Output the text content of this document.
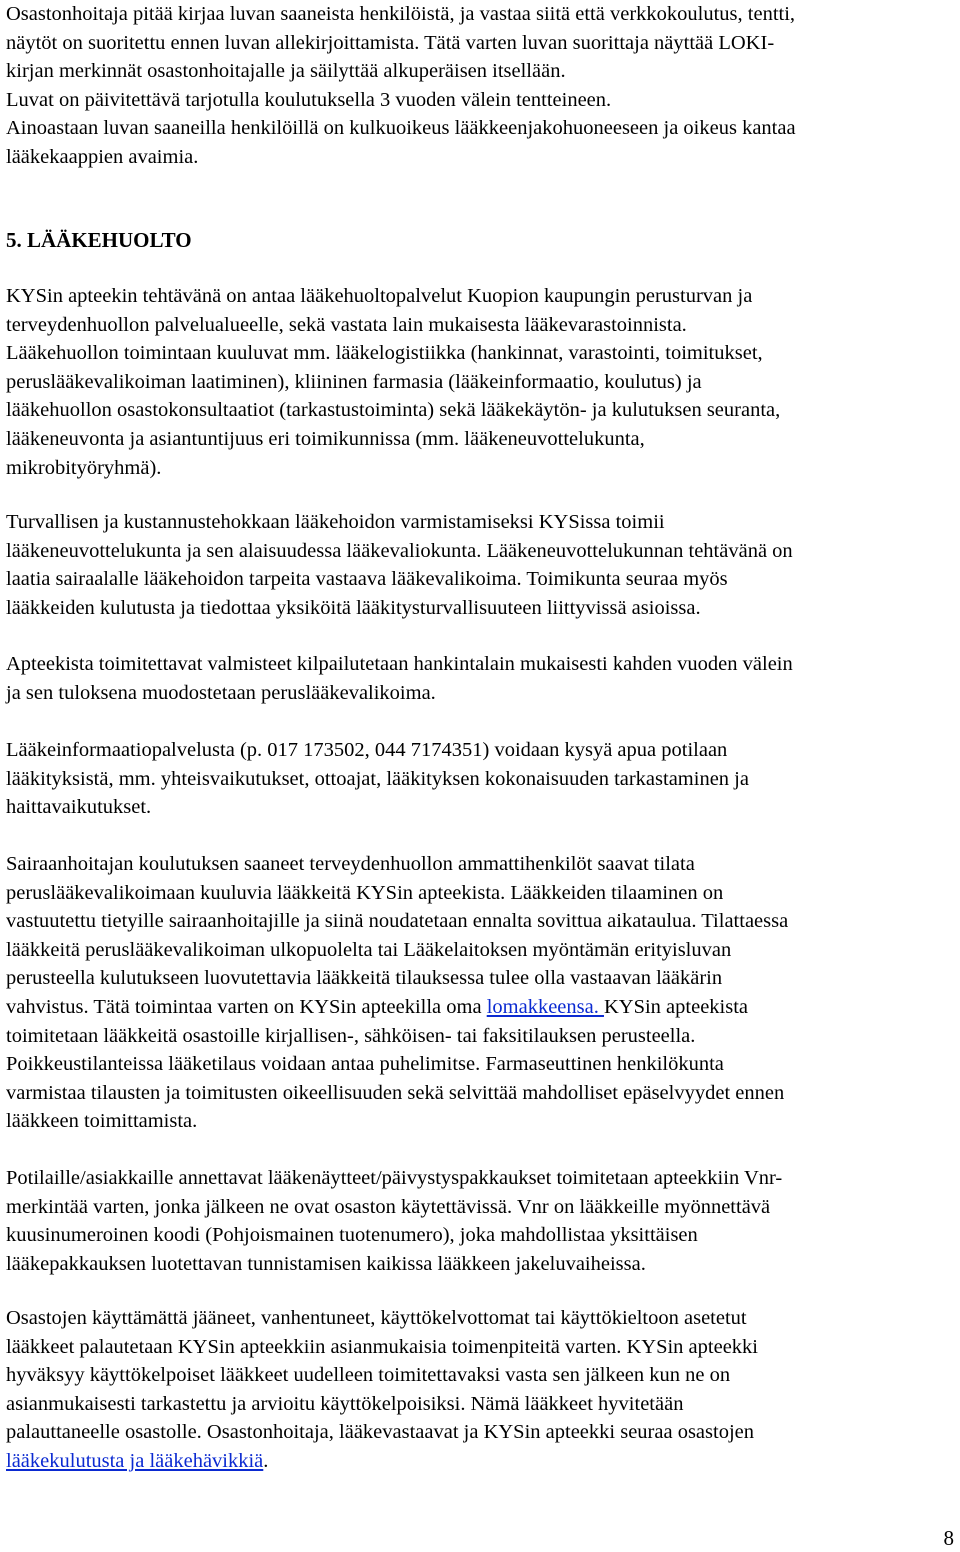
Osastonhoitaja pitää kirjaa luvan saaneista henkilöistä, ja vastaa siitä että verkkokoulutus, tentti,
näytöt on suoritettu ennen luvan allekirjoittamista. Tätä varten luvan suorittaja näyttää LOKI-
kirjan merkinnät osastonhoitajalle ja säilyttää alkuperäisen itsellään.
Luvat on päivitettävä tarjotulla koulutuksella 3 vuoden välein tentteineen.
Ainoastaan luvan saaneilla henkilöillä on kulkuoikeus lääkkeenjakohuoneeseen ja oikeus kantaa
lääkekaappien avaimia.

5. LÄÄKEHUOLTO

KYSin apteekin tehtävänä on antaa lääkehuoltopalvelut Kuopion kaupungin perusturvan ja
terveydenhuollon palvelualueelle, sekä vastata lain mukaisesta lääkevarastoinnista.
Lääkehuollon toimintaan kuuluvat mm. lääkelogistiikka (hankinnat, varastointi, toimitukset,
peruslääkevalikoiman laatiminen), kliininen farmasia (lääkeinformaatio, koulutus) ja
lääkehuollon osastokonsultaatiot (tarkastustoiminta) sekä lääkekäytön- ja kulutuksen seuranta,
lääkeneuvonta ja asiantuntijuus eri toimikunnissa (mm. lääkeneuvottelukunta,
mikrobityöryhmä).

Turvallisen ja kustannustehokkaan lääkehoidon varmistamiseksi KYSissa toimii
lääkeneuvottelukunta ja sen alaisuudessa lääkevaliokunta. Lääkeneuvottelukunnan tehtävänä on
laatia sairaalalle lääkehoidon tarpeita vastaava lääkevalikoima. Toimikunta seuraa myös
lääkkeiden kulutusta ja tiedottaa yksiköitä lääkitysturvallisuuteen liittyvissä asioissa.

Apteekista toimitettavat valmisteet kilpailutetaan hankintalain mukaisesti kahden vuoden välein
ja sen tuloksena muodostetaan peruslääkevalikoima.

Lääkeinformaatiopalvelusta (p. 017 173502, 044 7174351) voidaan kysyä apua potilaan
lääkityksistä, mm. yhteisvaikutukset, ottoajat, lääkityksen kokonaisuuden tarkastaminen ja
haittavaikutukset.

Sairaanhoitajan koulutuksen saaneet terveydenhuollon ammattihenkilöt saavat tilata
peruslääkevalikoimaan kuuluvia lääkkeitä KYSin apteekista. Lääkkeiden tilaaminen on
vastuutettu tietyille sairaanhoitajille ja siinä noudatetaan ennalta sovittua aikataulua. Tilattaessa
lääkkeitä peruslääkevalikoiman ulkopuolelta tai Lääkelaitoksen myöntämän erityisluvan
perusteella kulutukseen luovutettavia lääkkeitä tilauksessa tulee olla vastaavan lääkärin
vahvistus. Tätä toimintaa varten on KYSin apteekilla oma lomakkeensa. KYSin apteekista
toimitetaan lääkkeitä osastoille kirjallisen-, sähköisen- tai faksitilauksen perusteella.
Poikkeustilanteissa lääketilaus voidaan antaa puhelimitse. Farmaseuttinen henkilökunta
varmistaa tilausten ja toimitusten oikeellisuuden sekä selvittää mahdolliset epäselvyydet ennen
lääkkeen toimittamista.

Potilaille/asiakkaille annettavat lääkenäytteet/päivystyspakkaukset toimitetaan apteekkiin Vnr-
merkintää varten, jonka jälkeen ne ovat osaston käytettävissä. Vnr on lääkkeille myönnettävä
kuusinumeroinen koodi (Pohjoismainen tuotenumero), joka mahdollistaa yksittäisen
lääkepakkauksen luotettavan tunnistamisen kaikissa lääkkeen jakeluvaiheissa.

Osastojen käyttämättä jääneet, vanhentuneet, käyttökelvottomat tai käyttökieltoon asetetut
lääkkeet palautetaan KYSin apteekkiin asianmukaisia toimenpiteitä varten. KYSin apteekki
hyväksyy käyttökelpoiset lääkkeet uudelleen toimitettavaksi vasta sen jälkeen kun ne on
asianmukaisesti tarkastettu ja arvioitu käyttökelpoisiksi. Nämä lääkkeet hyvitetään
palauttaneelle osastolle. Osastonhoitaja, lääkevastaavat ja KYSin apteekki seuraa osastojen
lääkekulutusta ja lääkehävikkiä.

8
